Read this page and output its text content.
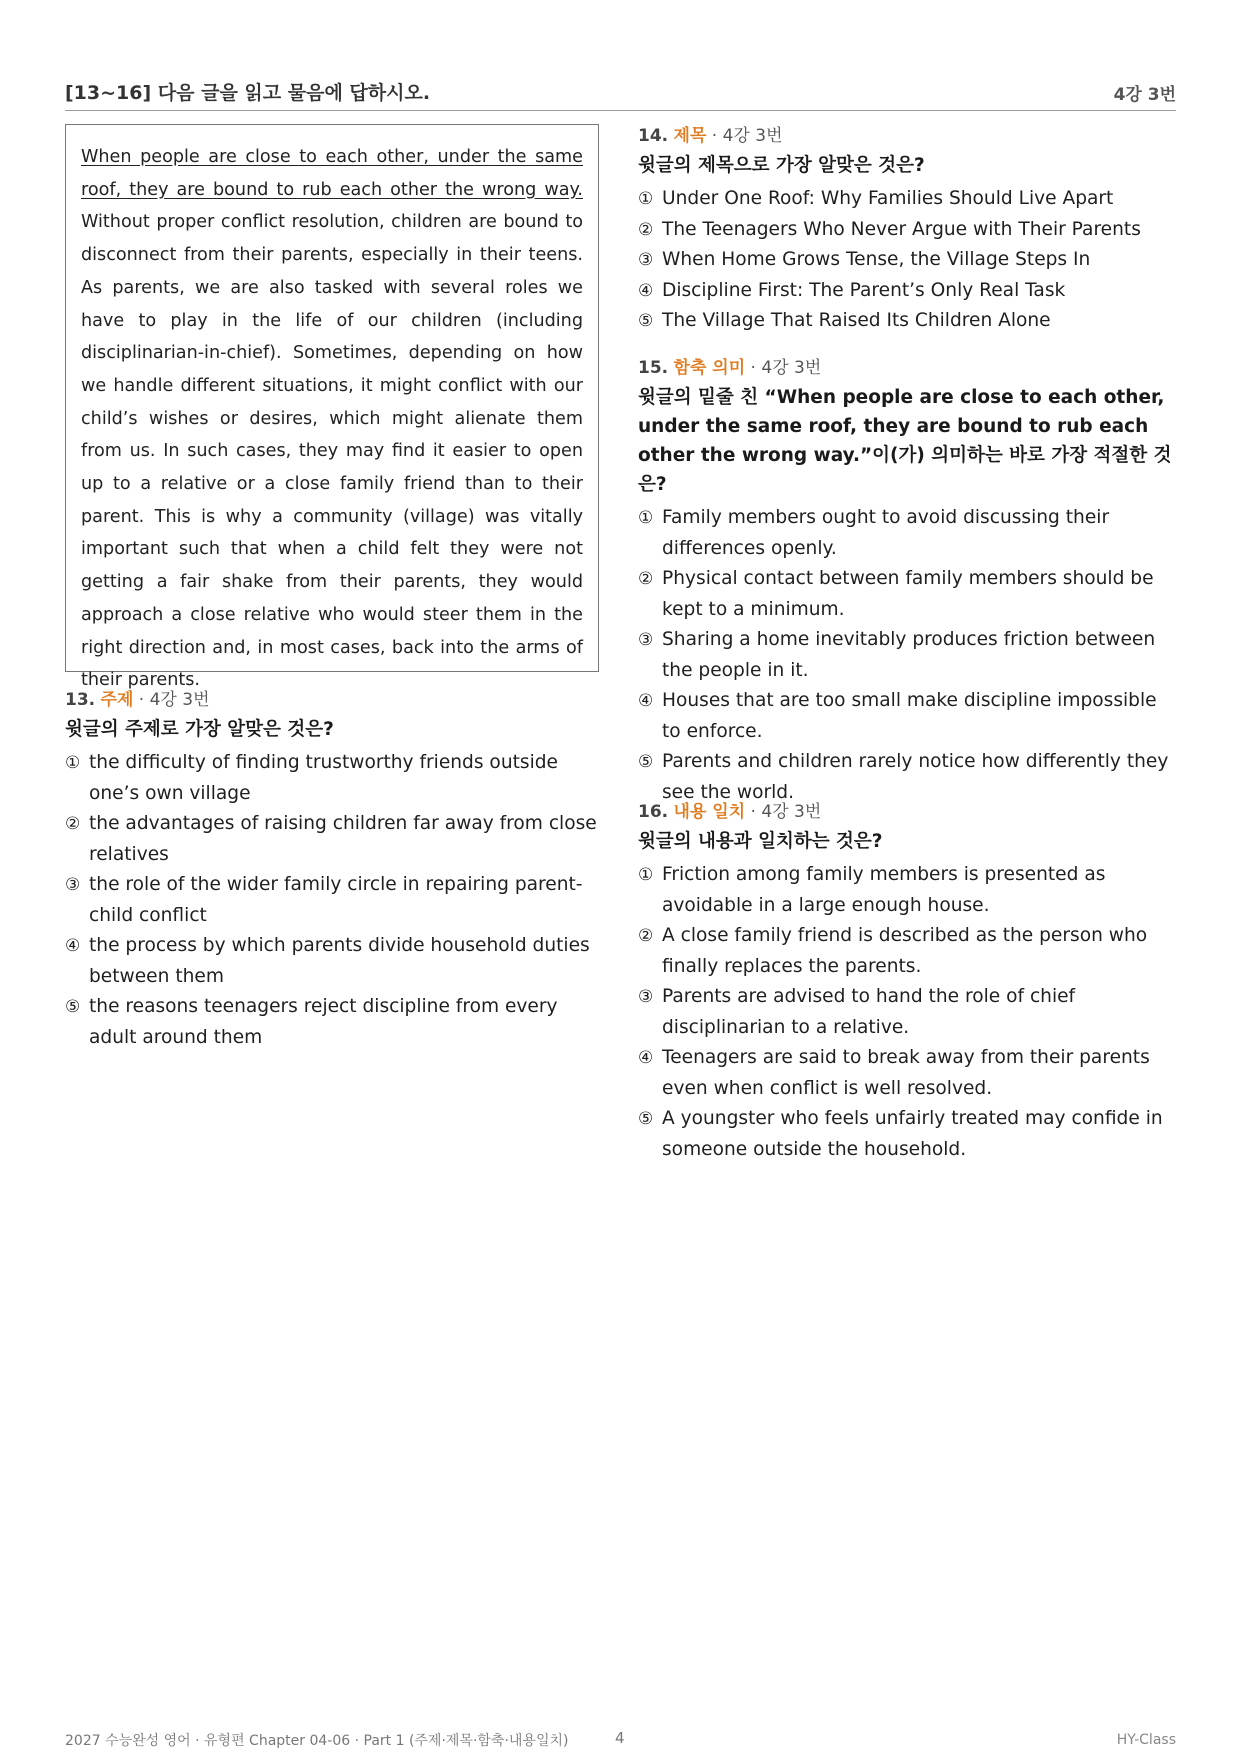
[13~16] 다음 글을 읽고 물음에 답하시오.	4강 3번

When people are close to each other, under the same roof, they are bound to rub each other the wrong way. Without proper conflict resolution, children are bound to disconnect from their parents, especially in their teens. As parents, we are also tasked with several roles we have to play in the life of our children (including disciplinarian-in-chief). Sometimes, depending on how we handle different situations, it might conflict with our child’s wishes or desires, which might alienate them from us. In such cases, they may find it easier to open up to a relative or a close family friend than to their parent. This is why a community (village) was vitally important such that when a child felt they were not getting a fair shake from their parents, they would approach a close relative who would steer them in the right direction and, in most cases, back into the arms of their parents.

13. 주제 · 4강 3번
윗글의 주제로 가장 알맞은 것은?
① the difficulty of finding trustworthy friends outside one’s own village
② the advantages of raising children far away from close relatives
③ the role of the wider family circle in repairing parent-child conflict
④ the process by which parents divide household duties between them
⑤ the reasons teenagers reject discipline from every adult around them
14. 제목 · 4강 3번
윗글의 제목으로 가장 알맞은 것은?
① Under One Roof: Why Families Should Live Apart
② The Teenagers Who Never Argue with Their Parents
③ When Home Grows Tense, the Village Steps In
④ Discipline First: The Parent’s Only Real Task
⑤ The Village That Raised Its Children Alone
15. 함축 의미 · 4강 3번
윗글의 밑줄 친 “When people are close to each other, under the same roof, they are bound to rub each other the wrong way.”이(가) 의미하는 바로 가장 적절한 것은?
① Family members ought to avoid discussing their differences openly.
② Physical contact between family members should be kept to a minimum.
③ Sharing a home inevitably produces friction between the people in it.
④ Houses that are too small make discipline impossible to enforce.
⑤ Parents and children rarely notice how differently they see the world.
16. 내용 일치 · 4강 3번
윗글의 내용과 일치하는 것은?
① Friction among family members is presented as avoidable in a large enough house.
② A close family friend is described as the person who finally replaces the parents.
③ Parents are advised to hand the role of chief disciplinarian to a relative.
④ Teenagers are said to break away from their parents even when conflict is well resolved.
⑤ A youngster who feels unfairly treated may confide in someone outside the household.
2027 수능완성 영어 · 유형편 Chapter 04-06 · Part 1 (주제·제목·함축·내용일치)	4	HY-Class
